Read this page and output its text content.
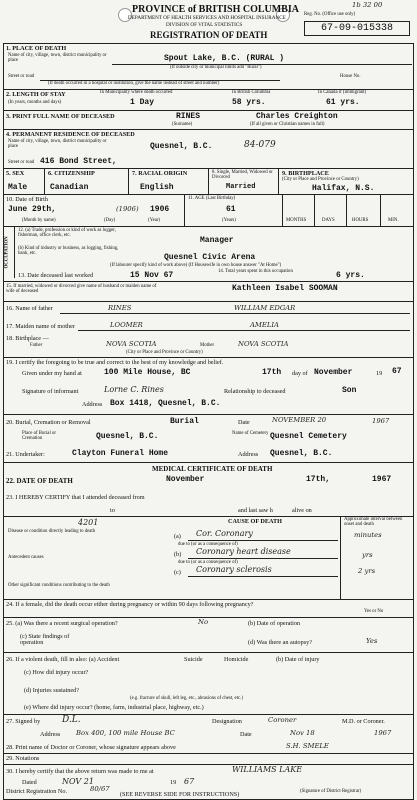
PROVINCE of BRITISH COLUMBIA
DEPARTMENT OF HEALTH SERVICES AND HOSPITAL INSURANCE
DIVISION OF VITAL STATISTICS
REGISTRATION OF DEATH
1b 32 00
Reg. No. (Office use only)
67-09-015338
1. PLACE OF DEATH
Name of city, village, town, district municipality or place	Spout Lake, B.C. (RURAL )
(If outside city or municipal limits add "Rural")
Street or road	House No.
(If death occurred in a hospital or institution, give the name instead of street and number)
2. LENGTH OF STAY
(In years, months and days)
In Municipality where death occurred
1 Day
In British Columbia
58 yrs.
In Canada if (immigrant)
61 yrs.
3. PRINT FULL NAME OF DECEASED	RINES	Charles Creighton
(Surname)	(If all given or Christian names in full)
4. PERMANENT RESIDENCE OF DECEASED
Name of city, village, town, district municipality or place	Quesnel, B.C.	84-079
Street or road 416 Bond Street,
5. SEX
Male
6. CITIZENSHIP
Canadian
7. RACIAL ORIGIN
English
8. Single, Married, Widowed or Divorced
Married
9. BIRTHPLACE
(City or Place and Province or Country)
Halifax, N.S.
10. Date of Birth
June 29th,	(1906) 1906
(Month by name)	(Day)	(Year)
11. AGE (Last Birthday)
61
(Years)	MONTHS	DAYS	HOURS	MIN.
OCCUPATION
12. (a) Trade, profession or kind of work as logger, fisherman, office clerk, etc.
Manager
(b) Kind of industry or business, as logging, fishing, bank, etc.	Quesnel Civic Arena
(If labourer specify kind of work above) (If Housewife in own house answer "At Home")
13. Date deceased last worked	15 Nov 67	14. Total years spent in this occupation	6 yrs.
15. If married, widowed or divorced give name of husband or maiden name of wife of deceased	Kathleen Isabel SOOMAN
16. Name of father	RINES	WILLIAM EDGAR
17. Maiden name of mother	LOOMER	AMELIA
18. Birthplace —
Father	NOVA SCOTIA	Mother	NOVA SCOTIA
(City or Place and Province or Country)
19. I certify the foregoing to be true and correct to the best of my knowledge and belief.
Given under my hand at	100 Mile House, BC	17th day of November	19 67
Signature of informant	Lorne C. Rines	Relationship to deceased	Son
Address Box 1418, Quesnel, B.C.
20. Burial, Cremation or Removal	Burial	Date	NOVEMBER 20	1967
Place of Burial or Cremation	Quesnel, B.C.	Name of Cemetery Quesnel Cemetery
21. Undertaker:	Clayton Funeral Home	Address Quesnel, B.C.
MEDICAL CERTIFICATE OF DEATH
22. DATE OF DEATH	November	17th,	1967
23. I HEREBY CERTIFY that I attended deceased from
to	and last saw h	alive on
4201	CAUSE OF DEATH	Approximate interval between onset and death
Disease or condition directly leading to death
Antecedent causes
Other significant conditions contributing to the death
(a) Cor. Coronary
due to (or as a consequence of)
(b) Coronary heart disease
due to (or as a consequence of)
(c) Coronary sclerosis
minutes
yrs
2 yrs
24. If a female, did the death occur either during pregnancy or within 90 days following pregnancy?
Yes or No
25. (a) Was there a recent surgical operation?	No	(b) Date of operation
(c) State findings of operation	(d) Was there an autopsy?	Yes
26. If a violent death, fill in also: (a) Accident	Suicide	Homicide	(b) Date of injury
(c) How did injury occur?
(d) Injuries sustained?
(e.g. fracture of skull, left leg, etc., abrasions of chest, etc.)
(e) Where did injury occur? (home, farm, industrial place, highway, etc.)
27. Signed by D.L.	Designation	Coroner	M.D. or Coroner.
Address Box 400, 100 mile House BC	Date	Nov 18	1967
28. Print name of Doctor or Coroner, whose signature appears above	S.H. SMELE
29. Notations
30. I hereby certify that the above return was made to me at	WILLIAMS LAKE
Dated	NOV 21	19 67
District Registration No.	80/67	(Signature of District Registrar)
(SEE REVERSE SIDE FOR INSTRUCTIONS)
